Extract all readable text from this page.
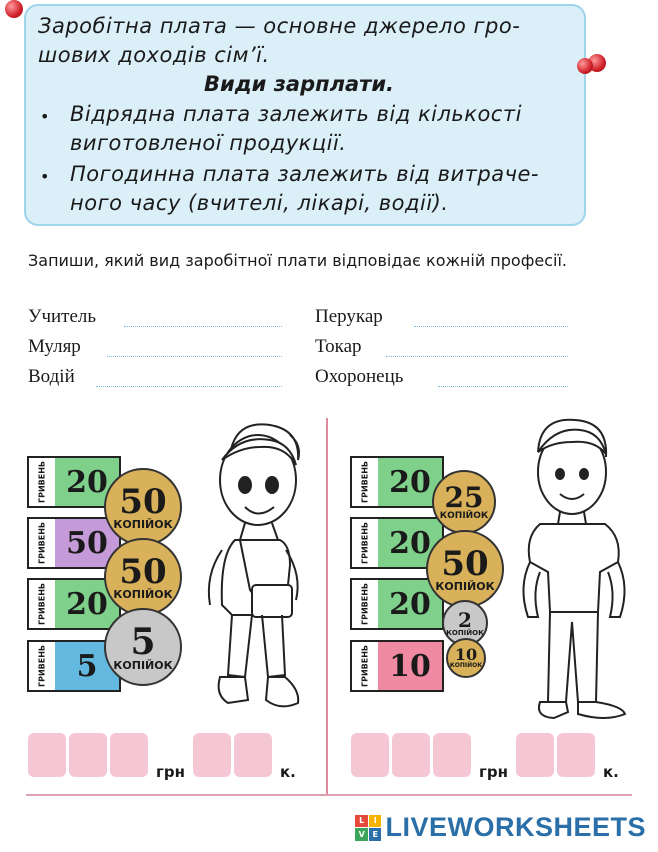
Заробітна плата — основне джерело гро-
шових доходів сім’ї.
Види зарплати.
• Відрядна плата залежить від кількості
виготовленої продукції.
• Погодинна плата залежить від витраче-
ного часу (вчителі, лікарі, водії).
Запиши, який вид заробітної плати відповідає кожній професії.
Учитель
Муляр
Водій
Перукар
Токар
Охоронець
ГРИВЕНЬ 20
ГРИВЕНЬ 50
ГРИВЕНЬ 20
ГРИВЕНЬ	5
50
КОПІЙОК
50
КОПІЙОК
5
КОПІЙОК
ГРИВЕНЬ 20
ГРИВЕНЬ 20
ГРИВЕНЬ 20
ГРИВЕНЬ 10
25
КОПІЙОК
50
КОПІЙОК
2
КОПІЙОК
10
КОПІЙОК
грн	к.	грн	к.
L	I
V E LIVEWORKSHEETS
